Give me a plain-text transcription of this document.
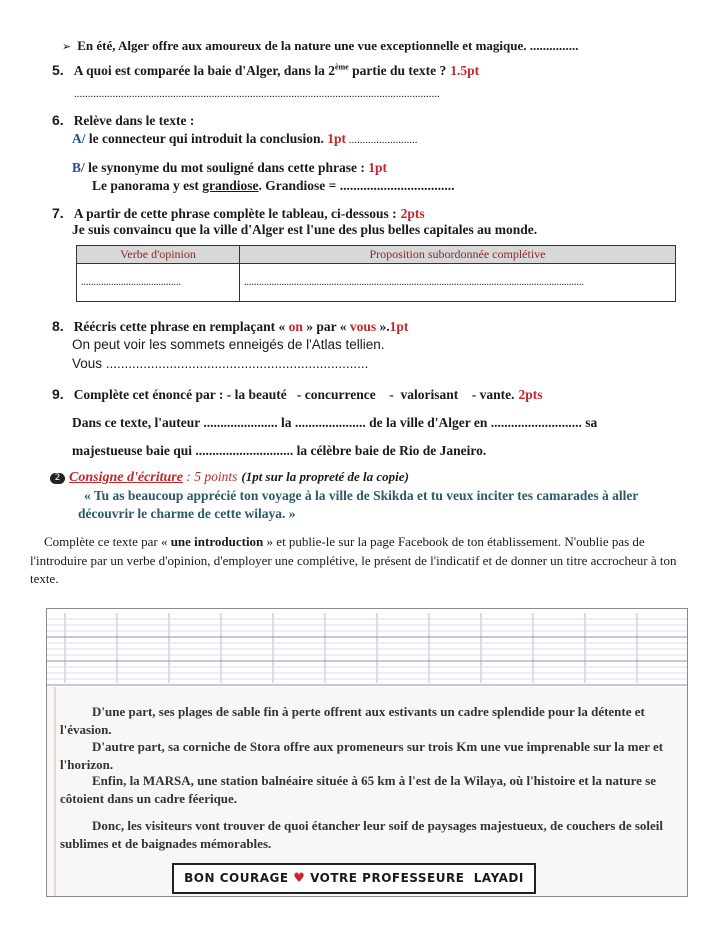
➢ En été, Alger offre aux amoureux de la nature une vue exceptionnelle et magique. ...............
5. A quoi est comparée la baie d'Alger, dans la 2ème partie du texte ? 1.5pt
.....................................................................................................................................
6. Relève dans le texte :
A/ le connecteur qui introduit la conclusion. 1pt .........................
B/ le synonyme du mot souligné dans cette phrase : 1pt
Le panorama y est grandiose. Grandiose = ..................................
7. A partir de cette phrase complète le tableau, ci-dessous : 2pts
Je suis convaincu que la ville d'Alger est l'une des plus belles capitales au monde.
Verbe d'opinion	Proposition subordonnée complétive
........................................	........................................................................................................................................
8. Réécris cette phrase en remplaçant « on » par « vous ».1pt
On peut voir les sommets enneigés de l'Atlas tellien.
Vous ......................................................................
9. Complète cet énoncé par : - la beauté   - concurrence    -  valorisant    - vante. 2pts
Dans ce texte, l'auteur ...................... la ..................... de la ville d'Alger en ........................... sa
majestueuse baie qui ............................. la célèbre baie de Rio de Janeiro.
2 Consigne d'écriture : 5 points (1pt sur la propreté de la copie)
« Tu as beaucoup apprécié ton voyage à la ville de Skikda et tu veux inciter tes camarades à aller découvrir le charme de cette wilaya. »
Complète ce texte par « une introduction » et publie-le sur la page Facebook de ton établissement. N'oublie pas de l'introduire par un verbe d'opinion, d'employer une complétive, le présent de l'indicatif et de donner un titre accrocheur à ton texte.
D'une part, ses plages de sable fin à perte offrent aux estivants un cadre splendide pour la détente et l'évasion.
D'autre part, sa corniche de Stora offre aux promeneurs sur trois Km une vue imprenable sur la mer et l'horizon.
Enfin, la MARSA, une station balnéaire située à 65 km à l'est de la Wilaya, où l'histoire et la nature se côtoient dans un cadre féerique.
Donc, les visiteurs vont trouver de quoi étancher leur soif de paysages majestueux, de couchers de soleil sublimes et de baignades mémorables.
BON COURAGE ♥ VOTRE PROFESSEURE  LAYADI
